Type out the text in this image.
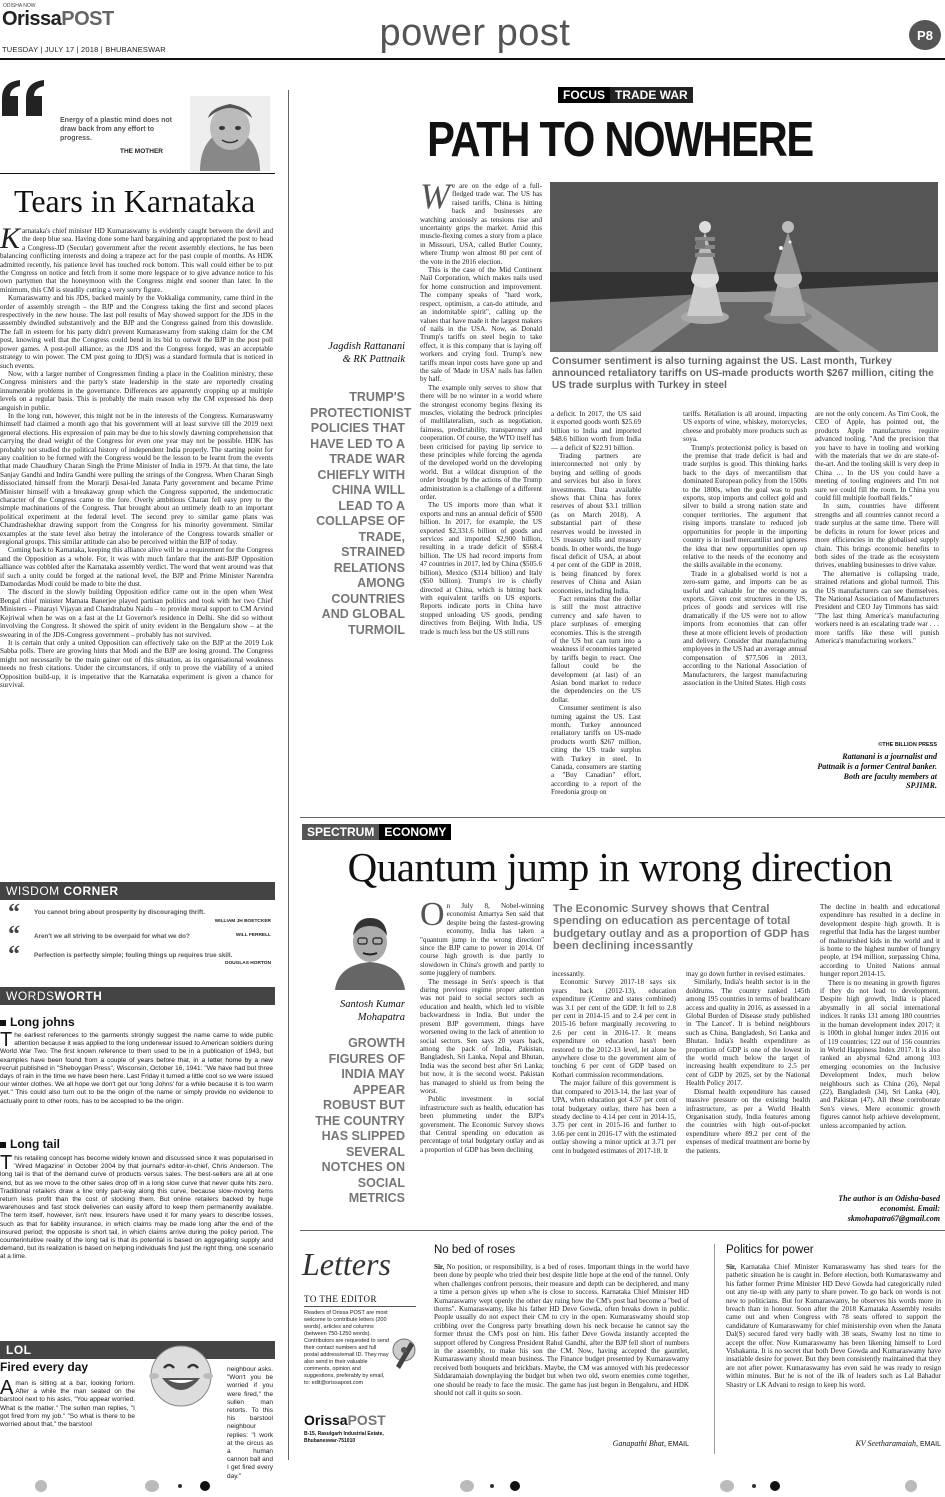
OrissaPOST
ODISHA NOW
TUESDAY | JULY 17 | 2018 | BHUBANESWAR	power post	P8
Energy of a plastic mind does not draw back from any effort to progress.
THE MOTHER
Tears in Karnataka
K arnataka's chief minister HD Kumaraswamy is evidently caught between the devil and the deep blue sea. Having done some hard bargaining and appropriated the post to head a Congress-JD (Secular) government after the recent assembly elections, he has been balancing conflicting interests and doing a trapeze act for the past couple of months. As HDK admitted recently, his patience level has touched rock bottom. This wall could either be to put the Congress on notice and fetch from it some more legspace or to give advance notice to his own partymen that the honeymoon with the Congress might end sooner than later. In the minimum, this CM is steadily cutting a very sorry figure.

Kumaraswamy and his JDS, backed mainly by the Vokkaliga community, came third in the order of assembly strength – the BJP and the Congress taking the first and second places respectively in the new house. The last poll results of May showed support for the JDS in the assembly dwindled substantively and the BJP and the Congress gained from this downslide. The fall in esteem for his party didn't prevent Kumaraswamy from staking claim for the CM post, knowing well that the Congress could bend in its bid to outwit the BJP in the post poll power games. A post-poll alliance, as the JDS and the Congress forged, was an acceptable strategy to win power. The CM post going to JD(S) was a standard formula that is noticed in such events.

Now, with a larger number of Congressmen finding a place in the Coalition ministry, these Congress ministers and the party's state leadership in the state are reportedly creating innumerable problems in the governance. Differences are apparently cropping up at multiple levels on a regular basis. This is probably the main reason why the CM expressed his deep anguish in public.

In the long run, however, this might not be in the interests of the Congress. Kumaraswamy himself had claimed a month ago that his government will at least survive till the 2019 next general elections. His expression of pain may be due to his slowly dawning comprehension that carrying the dead weight of the Congress for even one year may not be possible. HDK has probably not studied the political history of independent India properly. The starting point for any coalition to be formed with the Congress would be the lesson to be learnt from the events that made Chaudhury Charan Singh the Prime Minister of India in 1979. At that time, the late Sanjay Gandhi and Indira Gandhi were pulling the strings of the Congress. When Charan Singh dissociated himself from the Morarji Desai-led Janata Party government and became Prime Minister himself with a breakaway group which the Congress supported, the undemocratic character of the Congress came to the fore. Overly ambitious Charan fell easy prey to the simple machinations of the Congress. That brought about an untimely death to an important political experiment at the federal level. The second prey to similar game plans was Chandrashekhar drawing support from the Congress for his minority government. Similar examples at the state level also betray the intolerance of the Congress towards smaller or regional groups. This similar attitude can also be perceived within the BJP of today.

Coming back to Karnataka, keeping this alliance alive will be a requirement for the Congress and the Opposition as a whole. For, it was with much fanfare that the anti-BJP Opposition alliance was cobbled after the Karnataka assembly verdict. The word that went around was that if such a unity could be forged at the national level, the BJP and Prime Minister Narendra Damodardas Modi could be made to bite the dust.

The discord in the slowly building Opposition edifice came out in the open when West Bengal chief minister Mamata Banerjee played partisan politics and took with her two Chief Ministers – Pinarayi Vijayan and Chandrababu Naidu – to provide moral support to CM Arvind Kejriwal when he was on a fast at the Lt Governor's residence in Delhi. She did so without involving the Congress. It showed the spirit of unity evident in the Bengaluru show – at the swearing in of the JDS-Congress government – probably has not survived.

It is certain that only a united Opposition can effectively take on the BJP at the 2019 Lok Sabha polls. There are growing hints that Modi and the BJP are losing ground. The Congress might not necessarily be the main gainer out of this situation, as its organisational weakness needs no fresh citations. Under the circumstances, if only to prove the viability of a united Opposition build-up, it is imperative that the Karnataka experiment is given a chance for survival.

WISDOM CORNER
“ You cannot bring about prosperity by discouraging thrift.
WILLIAM JH BOETCKER
“ Aren't we all striving to be overpaid for what we do?	WILL FERRELL
“ Perfection is perfectly simple; fouling things up requires true skill.
DOUGLAS HORTON
WORDSWORTH
Long johns
The earliest references to the garments strongly suggest the name came to wide public attention because it was applied to the long underwear issued to American soldiers during World War Two. The first known reference to them used to be in a publication of 1943, but examples have been found from a couple of years before that, in a letter home by a new recruit published in "Sheboygan Press", Wisconsin, October 16, 1941: "We have had but three days of rain in the time we have been here. Last Friday it turned a little cool so we were issued our winter clothes. We all hope we don't get our 'long Johns' for a while because it is too warm yet." This could also turn out to be the origin of the name or simply provide no evidence to actually point to other roots, has to be accepted to be the origin.
Long tail
This retailing concept has become widely known and discussed since it was popularised in 'Wired Magazine' in October 2004 by that journal's editor-in-chief, Chris Anderson. The long tail is that of the demand curve of products versus sales. The best-sellers are all at one end, but as we move to the other sales drop off in a long slow curve that never quite hits zero. Traditional retailers draw a line only part-way along this curve, because slow-moving items return less profit than the cost of stocking them. But online retailers backed by huge warehouses and fast stock deliveries can easily afford to keep them permanently available. The term itself, however, isn't new. Insurers have used it for many years to describe losses, such as that for liability insurance, in which claims may be made long after the end of the insured period; the opposite is short tail, in which claims arrive during the policy period. The counterintuitive reality of the long tail is that its potential is based on aggregating supply and demand, but its realization is based on helping individuals find just the right thing, one scenario at a time.
LOL
Fired every day
Aman is sitting at a bar, looking forlorn. After a while the man seated on the barstool next to his asks, "You appear worried. What is the matter." The sullen man replies, "I got fired from my job." "So what is there to be worried about that," the barstool
neighbour asks. "Won't you be worried if you were fired," the sullen man retorts. To this his barstool neighbour replies: "I work at the circus as a human cannon ball and I get fired every day."
FOCUS TRADE WAR
PATH TO NOWHERE
Jagdish Rattanani
& RK Pattnaik
TRUMP'S PROTECTIONIST POLICIES THAT HAVE LED TO A TRADE WAR CHIEFLY WITH CHINA WILL LEAD TO A COLLAPSE OF TRADE, STRAINED RELATIONS AMONG COUNTRIES AND GLOBAL TURMOIL
W e are on the edge of a full-fledged trade war. The US has raised tariffs, China is hitting back and businesses are watching anxiously as tensions rise and uncertainty grips the market. Amid this muscle-flexing comes a story from a place in Missouri, USA, called Butler County, where Trump won almost 80 per cent of the vote in the 2016 election.

This is the case of the Mid Continent Nail Corporation, which makes nails used for home construction and improvement. The company speaks of "hard work, respect, optimism, a can-do attitude, and an indomitable spirit", calling up the values that have made it the largest makers of nails in the USA. Now, as Donald Trump's tariffs on steel begin to take effect, it is this company that is laying off workers and crying foul. Trump's new tariffs mean input costs have gone up and the sale of 'Made in USA' nails has fallen by half.

The example only serves to show that there will be no winner in a world where the strongest economy begins flexing its muscles, violating the bedrock principles of multilateralism, such as negotiation, fairness, predictability, transparency and cooperation. Of course, the WTO itself has been criticised for paying lip service to these principles while forcing the agenda of the developed world on the developing world. But a wildcat disruption of the order brought by the actions of the Trump administration is a challenge of a different order.

The US imports more than what it exports and runs an annual deficit of $500 billion. In 2017, for example, the US exported $2,331.6 billion of goods and services and imported $2,900 billion, resulting in a trade deficit of $568.4 billion. The US had record imports from 47 countries in 2017, led by China ($505.6 billion), Mexico ($314 billion) and Italy ($50 billion). Trump's ire is chiefly directed at China, which is hitting back with equivalent tariffs on US exports. Reports indicate ports in China have stopped unloading US goods, pending directives from Beijing. With India, US trade is much less but the US still runs

Consumer sentiment is also turning against the US. Last month, Turkey announced retaliatory tariffs on US-made products worth $267 million, citing the US trade surplus with Turkey in steel
a deficit. In 2017, the US said it exported goods worth $25.69 billion to India and imported $48.6 billion worth from India — a deficit of $22.91 billion.

Trading partners are interconnected not only by buying and selling of goods and services but also in forex investments. Data available shows that China has forex reserves of about $3.1 trillion (as on March 2018). A substantial part of these reserves would be invested in US treasury bills and treasury bonds. In other words, the huge fiscal deficit of USA, at about 4 per cent of the GDP in 2018, is being financed by forex reserves of China and Asian economies, including India.

Fact remains that the dollar is still the most attractive currency and safe haven to place surpluses of emerging economies. This is the strength of the US but can turn into a weakness if economies targeted by tariffs begin to react. One fallout could be the development (at last) of an Asian bond market to reduce the dependencies on the US dollar.

Consumer sentiment is also turning against the US. Last month, Turkey announced retaliatory tariffs on US-made products worth $267 million, citing the US trade surplus with Turkey in steel. In Canada, consumers are starting a "Buy Canadian" effort, according to a report of the Freedonia group on

tariffs. Retaliation is all around, impacting US exports of wine, whiskey, motorcycles, cheese and probably more products such as soya.

Trump's protectionist policy is based on the premise that trade deficit is bad and trade surplus is good. This thinking harks back to the days of mercantilism that dominated European policy from the 1500s to the 1800s, when the goal was to push exports, stop imports and collect gold and silver to build a strong nation state and conquer territories. The argument that rising imports translate to reduced job opportunities for people in the importing country is in itself mercantilist and ignores the idea that new opportunities open up relative to the needs of the economy and the skills available in the economy.

Trade in a globalised world is not a zero-sum game, and imports can be as useful and valuable for the economy as exports. Given cost structures in the US, prices of goods and services will rise dramatically if the US were not to allow imports from economies that can offer these at more efficient levels of production and delivery. Consider that manufacturing employees in the US had an average annual compensation of $77,506 in 2013, according to the National Association of Manufacturers, the largest manufacturing association in the United States. High costs

are not the only concern. As Tim Cook, the CEO of Apple, has pointed out, the products Apple manufactures require advanced tooling. "And the precision that you have to have in tooling and working with the materials that we do are state-of-the-art. And the tooling skill is very deep in China … In the US you could have a meeting of tooling engineers and I'm not sure we could fill the room. In China you could fill multiple football fields."

In sum, countries have different strengths and all countries cannot record a trade surplus at the same time. There will be deficits in return for lower prices and more efficiencies in the globalised supply chain. This brings economic benefits to both sides of the trade as the ecosystem thrives, enabling businesses to drive value.

The alternative is collapsing trade, strained relations and global turmoil. This the US manufacturers can see themselves. The National Association of Manufacturers President and CEO Jay Timmons has said: "The last thing America's manufacturing workers need is an escalating trade war . . . more tariffs like these will punish America's manufacturing workers."

©THE BILLION PRESS
Rattanani is a journalist and Pattnaik is a former Central banker. Both are faculty members at SPJIMR.
SPECTRUM ECONOMY
Quantum jump in wrong direction
Santosh Kumar
Mohapatra
GROWTH FIGURES OF INDIA MAY APPEAR ROBUST BUT THE COUNTRY HAS SLIPPED SEVERAL NOTCHES ON SOCIAL METRICS
O n July 8, Nobel-winning economist Amartya Sen said that despite being the fastest-growing economy, India has taken a "quantum jump in the wrong direction" since the BJP came to power in 2014. Of course high growth is due partly to slowdown in China's growth and partly to some jugglery of numbers.

The message in Sen's speech is that during previous regime proper attention was not paid to social sectors such as education and health, which led to visible backwardness in India. But under the present BJP government, things have worsened owing to the lack of attention to social sectors. Sen says 20 years back, among the pack of India, Pakistan, Bangladesh, Sri Lanka, Nepal and Bhutan, India was the second best after Sri Lanka; but now, it is the second worst. Pakistan has managed to shield us from being the worst.

Public investment in social infrastructure such as health, education has been plummeting under the BJP's government. The Economic Survey shows that Central spending on education as percentage of total budgetary outlay and as a proportion of GDP has been declining

The Economic Survey shows that Central spending on education as percentage of total budgetary outlay and as a proportion of GDP has been declining incessantly
incessantly.

Economic Survey 2017-18 says six years back (2012-13), education expenditure (Centre and states combined) was 3.1 per cent of the GDP. It fell to 2.8 per cent in 2014-15 and to 2.4 per cent in 2015-16 before marginally recovering to 2.6 per cent in 2016-17. It means expenditure on education hasn't been restored to the 2012-13 level, let alone be anywhere close to the government aim of touching 6 per cent of GDP based on Kothari commission recommendations.

The major failure of this government is that compared to 2013-14, the last year of UPA, when education got 4.57 per cent of total budgetary outlay, there has been a steady decline to 4.14 per cent in 2014-15, 3.75 per cent in 2015-16 and further to 3.66 per cent in 2016-17 with the estimated outlay showing a minor uptick at 3.71 per cent in budgeted estimates of 2017-18. It

may go down further in revised estimates.

Similarly, India's health sector is in the doldrums. The country ranked 145th among 195 countries in terms of healthcare access and quality in 2016, as assessed in a Global Burden of Disease study published in 'The Lancet'. It is behind neighbours such as China, Bangladesh, Sri Lanka and Bhutan. India's health expenditure as proportion of GDP is one of the lowest in the world much below the target of increasing health expenditure to 2.5 per cent of GDP by 2025, set by the National Health Policy 2017.

Dismal health expenditure has caused massive pressure on the existing health infrastructure, as per a World Health Organisation study, India features among the countries with high out-of-pocket expenditure where 89.2 per cent of the expenses of medical treatment are borne by the patients.

The decline in health and educational expenditure has resulted in a decline in development despite high growth. It is regretful that India has the largest number of malnourished kids in the world and it is home to the highest number of hungry people, at 194 million, surpassing China, according to United Nations annual hunger report 2014-15.

There is no meaning in growth figures if they do not lead to development. Despite high growth, India is placed abysmally in all social international indices. It ranks 131 among 180 countries in the human development index 2017; it is 100th in global hunger index 2016 out of 119 countries; 122 out of 156 countries in World Happiness Index 2017. It is also ranked an abysmal 62nd among 103 emerging economies on the Inclusive Development Index, much below neighbours such as China (26), Nepal (22), Bangladesh (34), Sri Lanka (40), and Pakistan (47). All these corroborate Sen's views. Mere economic growth figures cannot help achieve development, unless accompanied by action.

The author is an Odisha-based economist. Email: skmohapatra67@gmail.com
Letters
TO THE EDITOR
Readers of Orissa POST are most welcome to contribute letters (200 words), articles and columns (between 750-1250 words). Contributors are requested to send their contact numbers and full postal address/email ID. They may also send in their valuable comments, opinion and suggestions, preferably by email, to: edit@orissapost.com
OrissaPOST
B-15, Rasulgarh Industrial Estate, Bhubaneswar-751010
No bed of roses
Sir, No position, or responsibility, is a bed of roses. Important things in the world have been done by people who tried their best despite little hope at the end of the tunnel. Only when challenges confront persons, their measure and depth can be deciphered, and many a time a person gives up when s/he is close to success. Karnataka Chief Minister HD Kumaraswamy wept openly the other day ruing how the CM's post had become a "bed of thorns". Kumaraswamy, like his father HD Deve Gowda, often breaks down in public. People usually do not expect their CM to cry in the open. Kumaraswamy should stop cribbing over the Congress party breathing down his neck because he cannot say the former thrust the CM's post on him. His father Deve Gowda instantly accepted the support offered by Congress President Rahul Gandhi, after the BJP fell short of numbers in the assembly, to make his son the CM. Now, having accepted the gauntlet, Kumaraswamy should mean business. The Finance budget presented by Kumaraswamy received both bouquets and brickbats. Maybe, the CM was annoyed with his predecessor Siddaramaiah downplaying the budget but when two old, sworn enemies come together, one should be ready to face the music. The game has just begun in Bengaluru, and HDK should not call it quits so soon.
Ganapathi Bhat, EMAIL
Politics for power
Sir, Karnataka Chief Minister Kumaraswamy has shed tears for the pathetic situation he is caught in. Before election, both Kumaraswamy and his father former Prime Minister HD Deve Gowda had categorically ruled out any tie-up with any party to share power. To go back on words is not new to politicians. But for Kumaraswamy, he observes his words more in breach than in honour. Soon after the 2018 Karnataka Assembly results came out and when Congress with 78 seats offered to support the candidature of Kumaraswamy for chief ministership even when the Janata Dal(S) secured fared very badly with 38 seats, Swamy lost no time to accept the offer. Now Kumaraswamy has been likening himself to Lord Vishakanta. It is no secret that both Deve Gowda and Kumaraswamy have insatiable desire for power. But they been consistently maintained that they are not after power. Kumaraswamy has even said he was ready to resign within minutes. But he is not of the ilk of leaders such as Lal Bahadur Shastry or LK Advani to resign to keep his word.
KV Seetharamaiah, EMAIL
